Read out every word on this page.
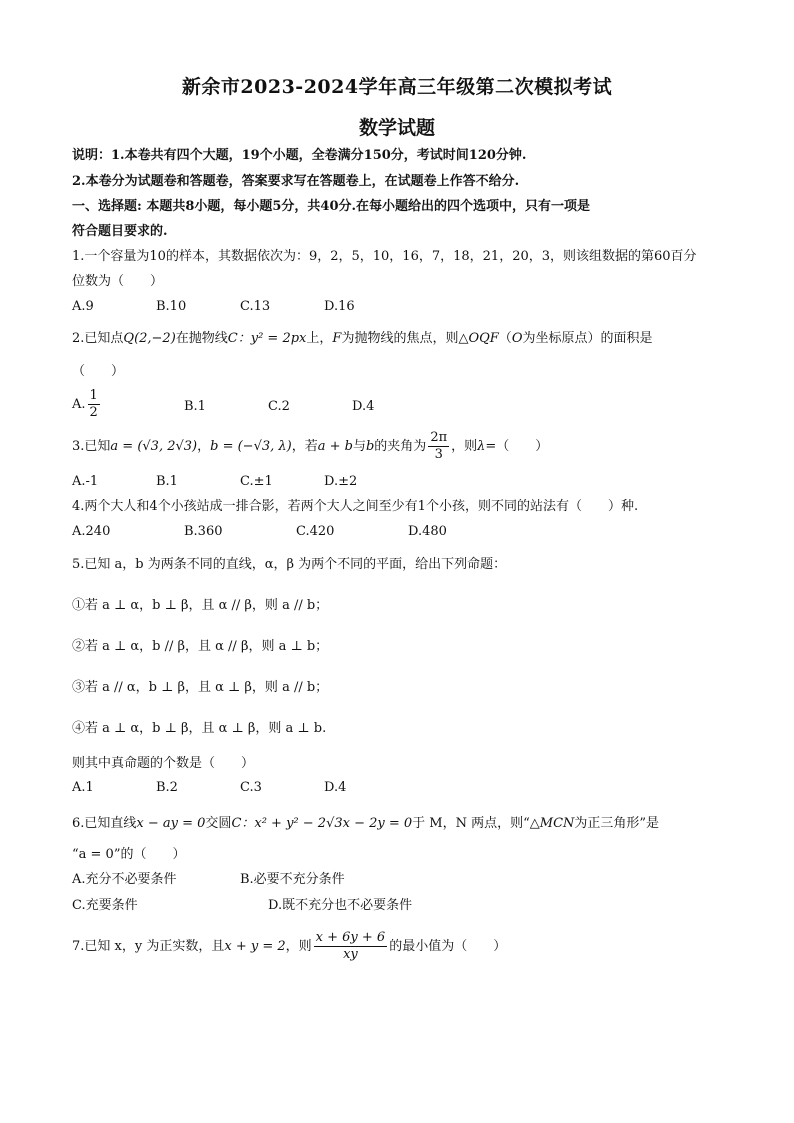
新余市2023-2024学年高三年级第二次模拟考试
数学试题
说明：1.本卷共有四个大题，19个小题，全卷满分150分，考试时间120分钟.
2.本卷分为试题卷和答题卷，答案要求写在答题卷上，在试题卷上作答不给分.
一、选择题: 本题共8小题，每小题5分，共40分.在每小题给出的四个选项中，只有一项是
符合题目要求的.
1.一个容量为10的样本，其数据依次为：9，2，5，10，16，7，18，21，20，3，则该组数据的第60百分
位数为（　　）
A.9	B.10	C.13	D.16
2.已知点Q(2,−2)在抛物线C：y² = 2px上，F为抛物线的焦点，则△OQF（O为坐标原点）的面积是
（　　）
A. $\frac{1}{2}$	B.1	C.2	D.4
3.已知a = (√3, 2√3)，b = (−√3, λ)，若a + b与b的夹角为 $\frac{2\pi}{3}$ ，则λ=（　　）
A.-1	B.1	C.±1	D.±2
4.两个大人和4个小孩站成一排合影，若两个大人之间至少有1个小孩，则不同的站法有（　　）种.
A.240	B.360	C.420	D.480
5.已知 a，b 为两条不同的直线，α，β 为两个不同的平面，给出下列命题：
①若 a ⊥ α，b ⊥ β，且 α // β，则 a // b；
②若 a ⊥ α，b // β，且 α // β，则 a ⊥ b；
③若 a // α，b ⊥ β，且 α ⊥ β，则 a // b；
④若 a ⊥ α，b ⊥ β，且 α ⊥ β，则 a ⊥ b.
则其中真命题的个数是（　　）
A.1	B.2	C.3	D.4
6.已知直线x − ay = 0交圆C：x² + y² − 2√3x − 2y = 0于 M，N 两点，则“△MCN为正三角形”是
“a = 0”的（　　）
A.充分不必要条件	B.必要不充分条件
C.充要条件	D.既不充分也不必要条件
7.已知 x，y 为正实数，且x + y = 2，则 $\frac{x + 6y + 6}{xy}$ 的最小值为（　　）
